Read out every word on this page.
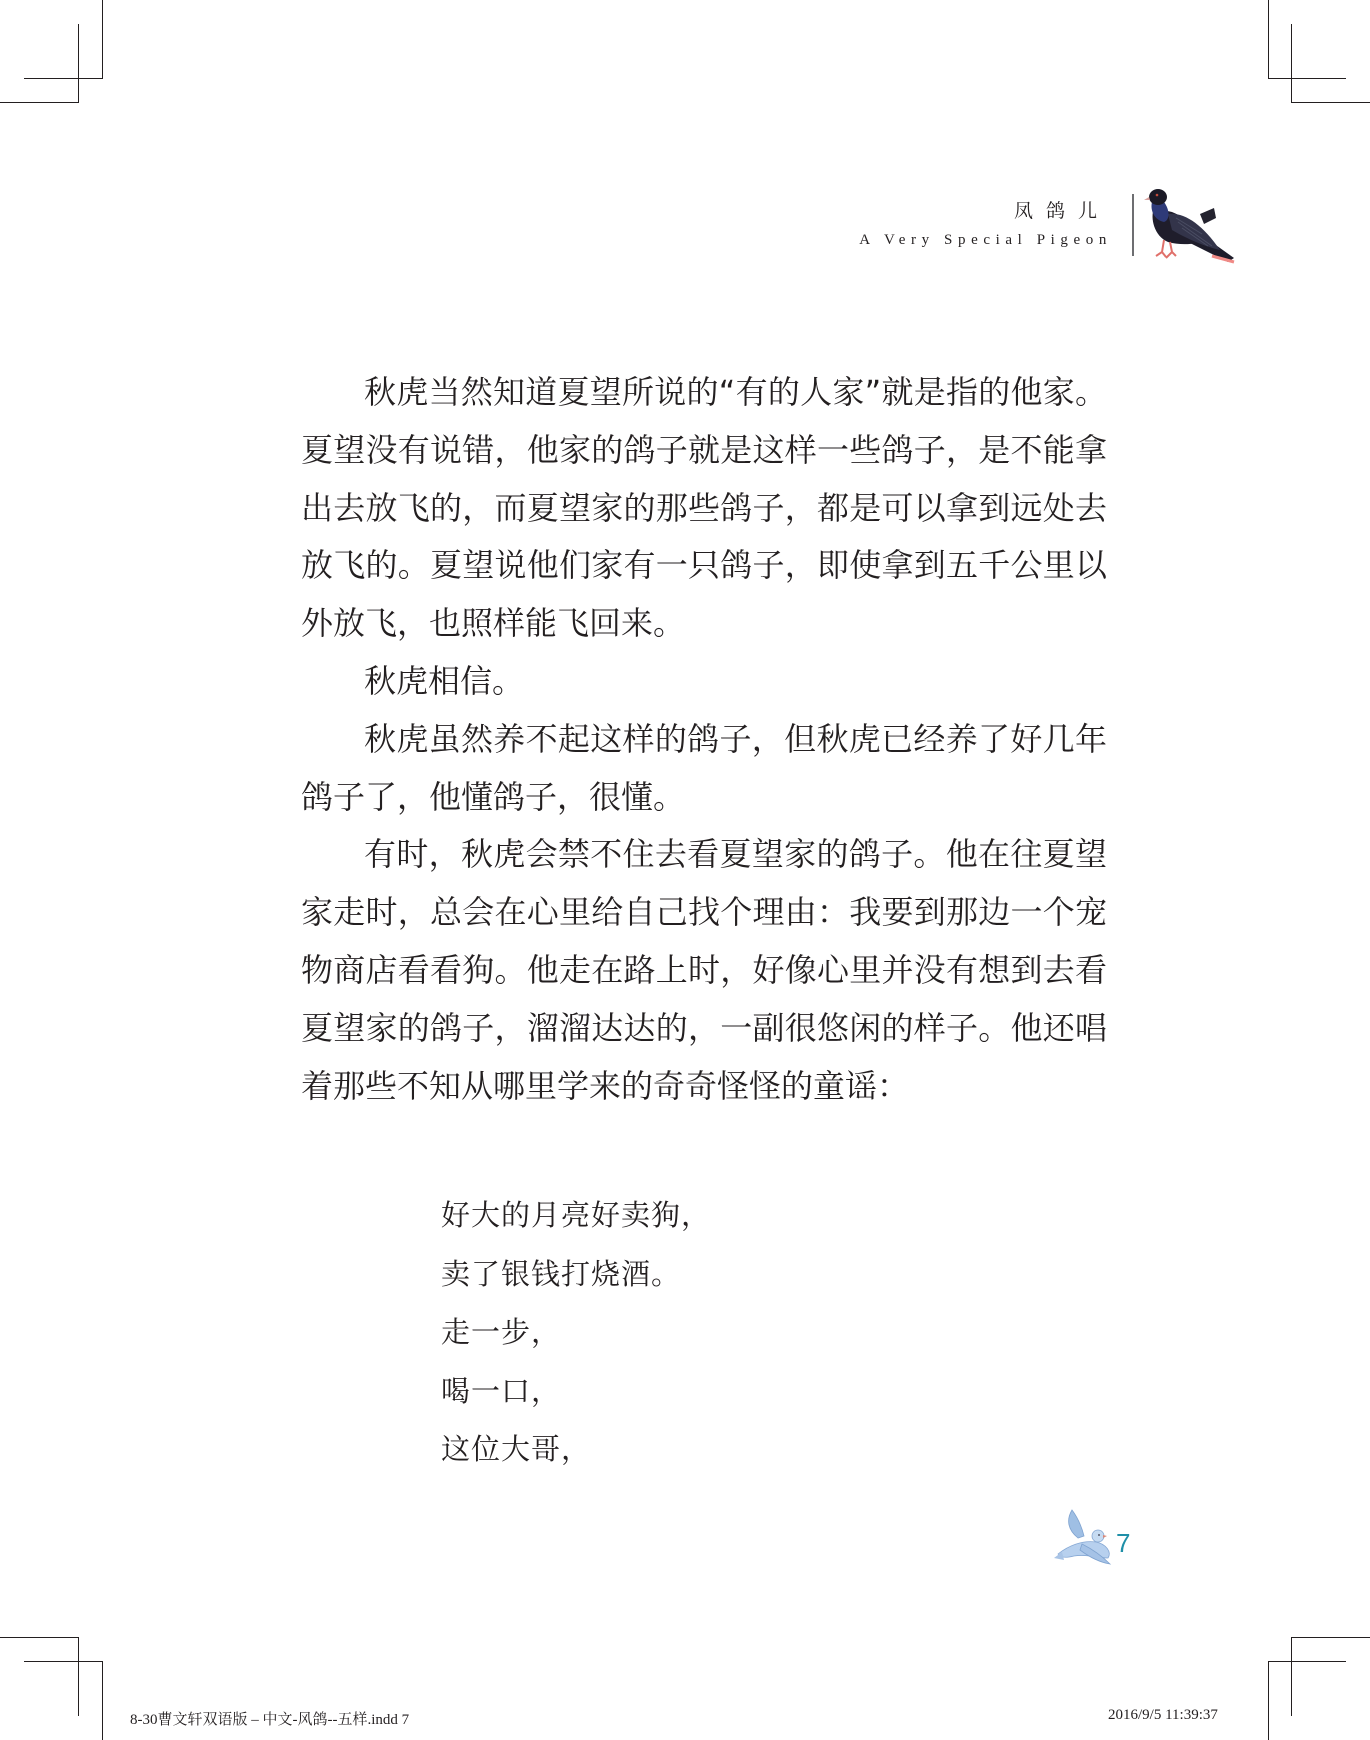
凤鸽儿
A Very Special Pigeon
秋虎当然知道夏望所说的“有的人家”就是指的他家。
夏望没有说错，他家的鸽子就是这样一些鸽子，是不能拿
出去放飞的，而夏望家的那些鸽子，都是可以拿到远处去
放飞的。夏望说他们家有一只鸽子，即使拿到五千公里以
外放飞，也照样能飞回来。
秋虎相信。
秋虎虽然养不起这样的鸽子，但秋虎已经养了好几年
鸽子了，他懂鸽子，很懂。
有时，秋虎会禁不住去看夏望家的鸽子。他在往夏望
家走时，总会在心里给自己找个理由：我要到那边一个宠
物商店看看狗。他走在路上时，好像心里并没有想到去看
夏望家的鸽子，溜溜达达的，一副很悠闲的样子。他还唱
着那些不知从哪里学来的奇奇怪怪的童谣：
好大的月亮好卖狗，
卖了银钱打烧酒。
走一步，
喝一口，
这位大哥，
7
8-30曹文轩双语版 – 中文-风鸽--五样.indd 7	2016/9/5 11:39:37
